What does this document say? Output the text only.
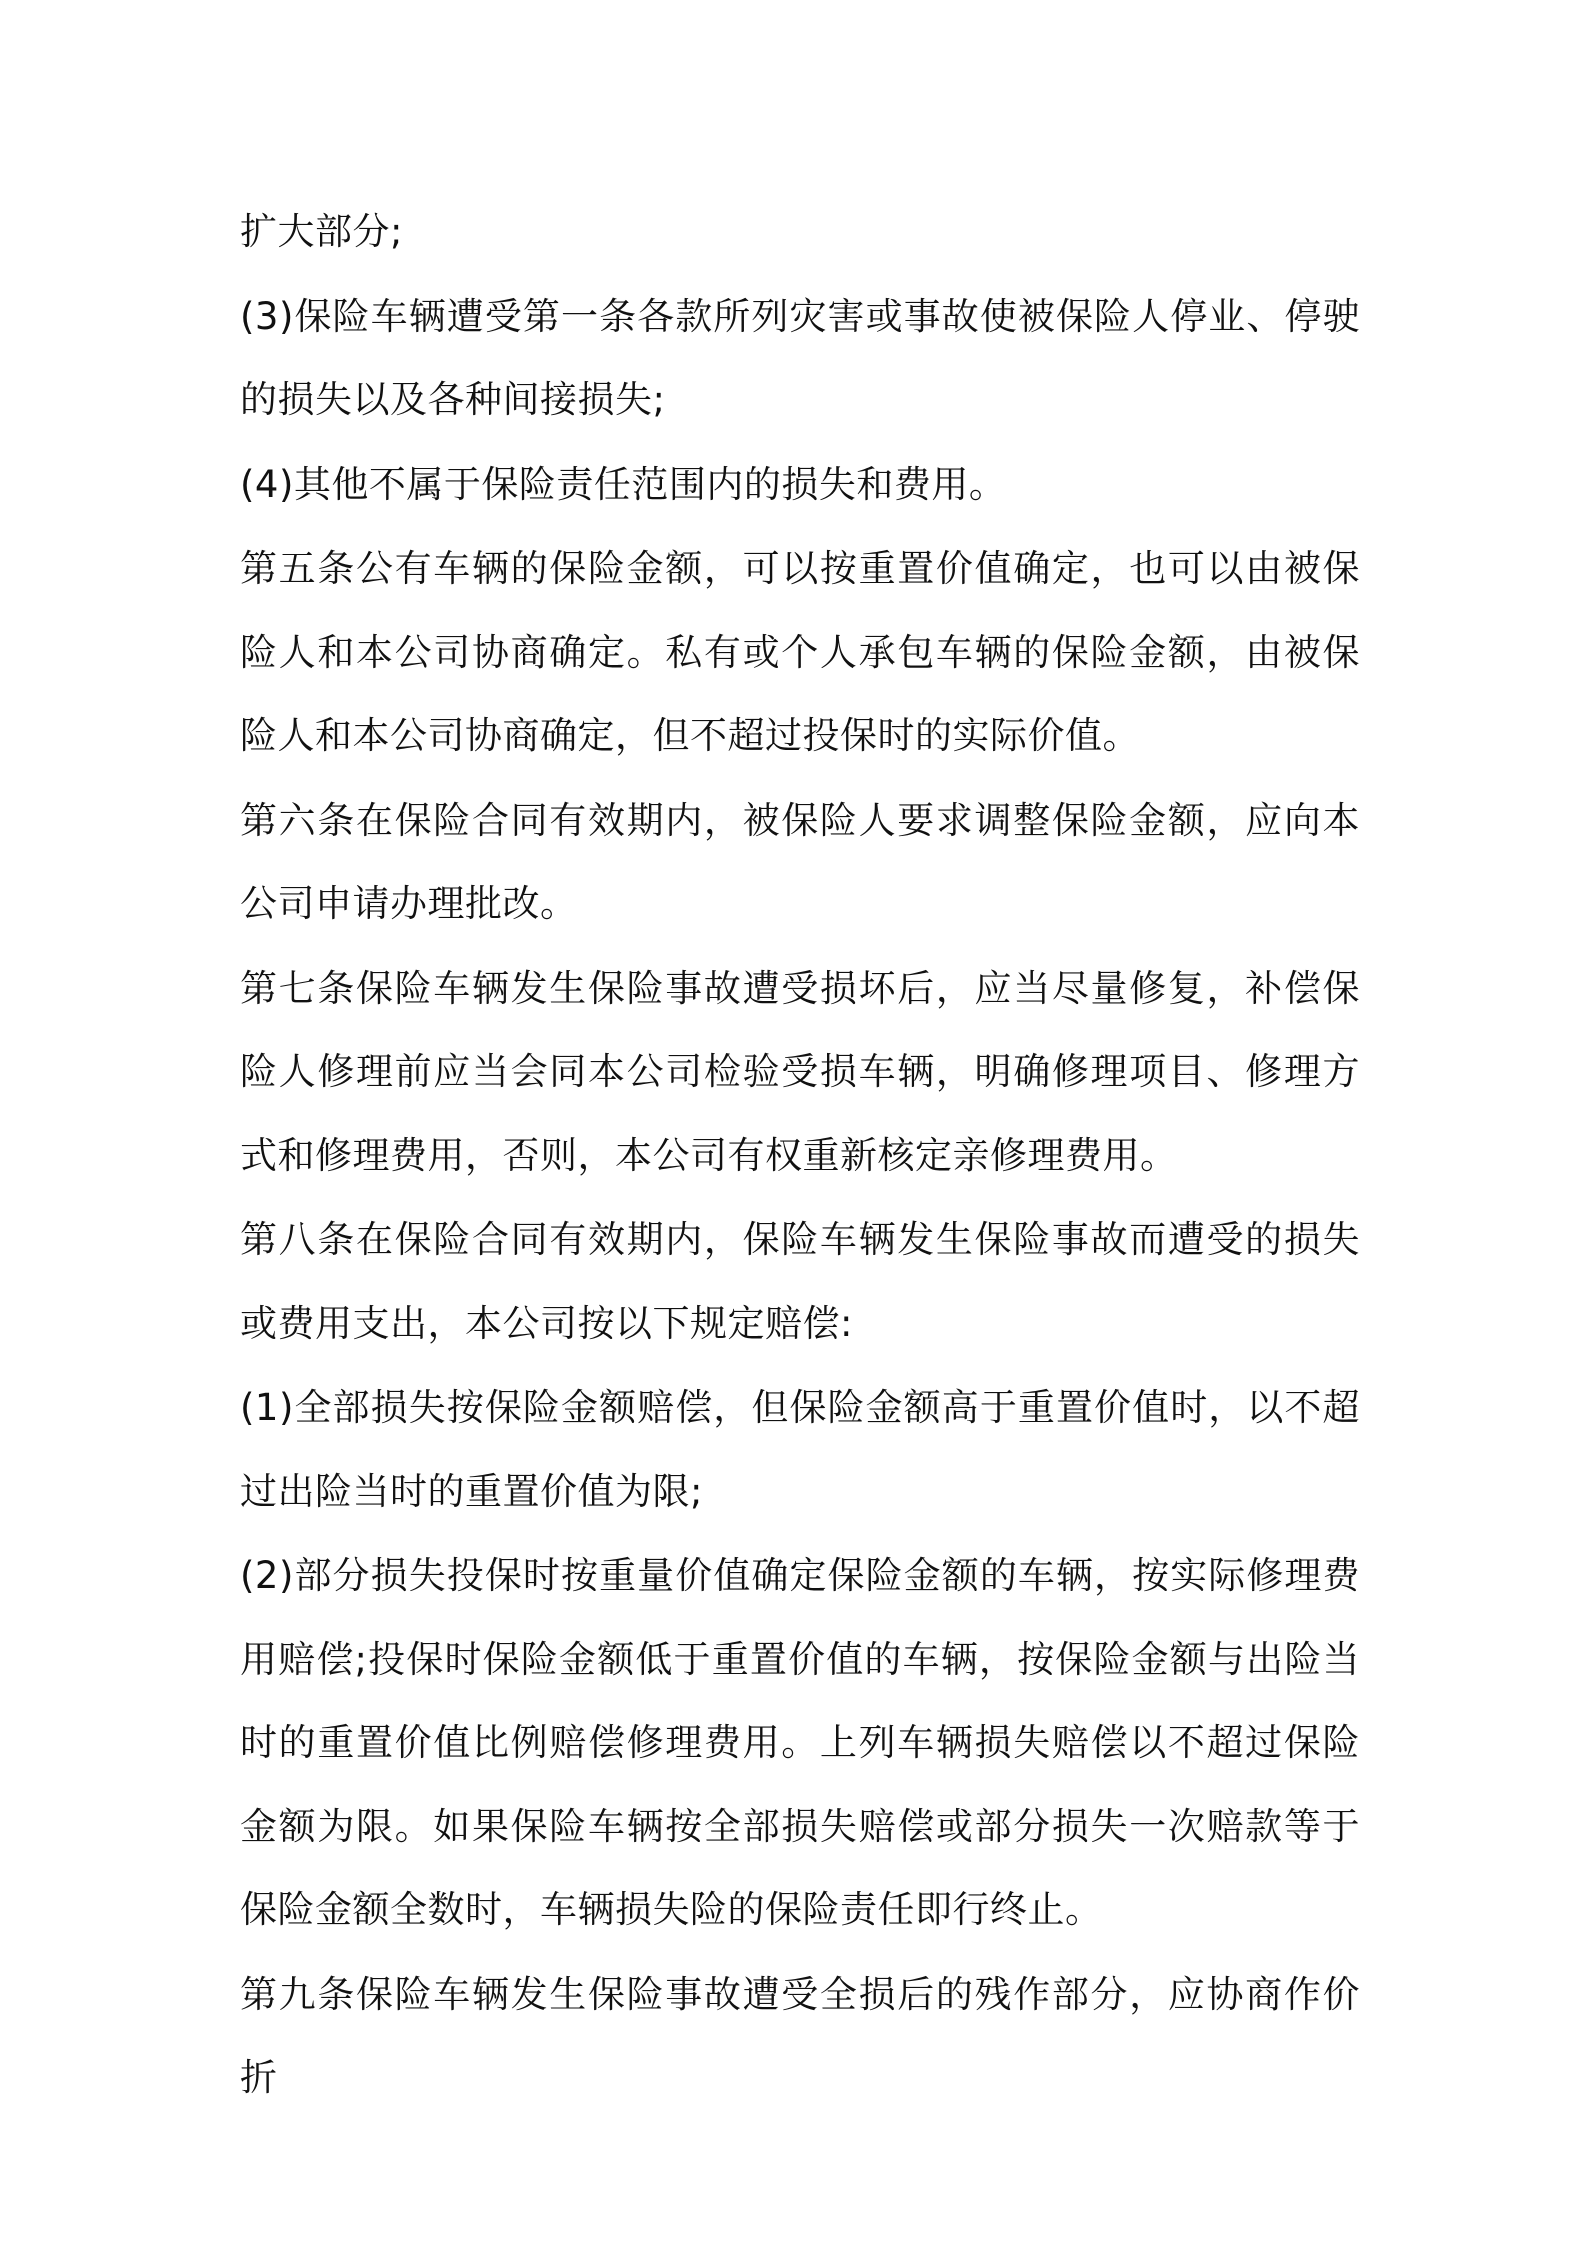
扩大部分;

(3)保险车辆遭受第一条各款所列灾害或事故使被保险人停业、停驶的损失以及各种间接损失;

(4)其他不属于保险责任范围内的损失和费用。

第五条公有车辆的保险金额，可以按重置价值确定，也可以由被保险人和本公司协商确定。私有或个人承包车辆的保险金额，由被保险人和本公司协商确定，但不超过投保时的实际价值。

第六条在保险合同有效期内，被保险人要求调整保险金额，应向本公司申请办理批改。

第七条保险车辆发生保险事故遭受损坏后，应当尽量修复，补偿保险人修理前应当会同本公司检验受损车辆，明确修理项目、修理方式和修理费用，否则，本公司有权重新核定亲修理费用。

第八条在保险合同有效期内，保险车辆发生保险事故而遭受的损失或费用支出，本公司按以下规定赔偿:

(1)全部损失按保险金额赔偿，但保险金额高于重置价值时，以不超过出险当时的重置价值为限;

(2)部分损失投保时按重量价值确定保险金额的车辆，按实际修理费用赔偿;投保时保险金额低于重置价值的车辆，按保险金额与出险当时的重置价值比例赔偿修理费用。上列车辆损失赔偿以不超过保险金额为限。如果保险车辆按全部损失赔偿或部分损失一次赔款等于保险金额全数时，车辆损失险的保险责任即行终止。

第九条保险车辆发生保险事故遭受全损后的残作部分，应协商作价折
